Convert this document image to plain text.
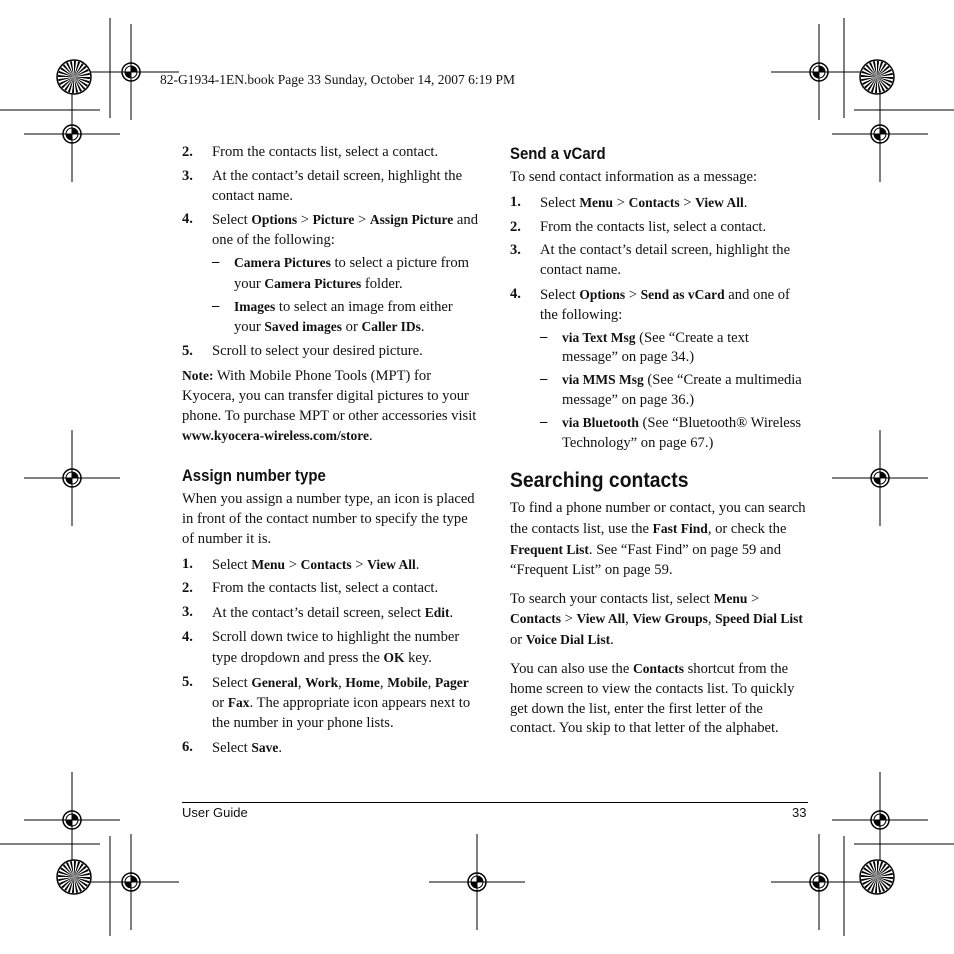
82-G1934-1EN.book Page 33 Sunday, October 14, 2007 6:19 PM
2. From the contacts list, select a contact.
3. At the contact’s detail screen, highlight the contact name.
4. Select Options > Picture > Assign Picture and one of the following:
– Camera Pictures to select a picture from your Camera Pictures folder.
– Images to select an image from either your Saved images or Caller IDs.
5. Scroll to select your desired picture.
Note: With Mobile Phone Tools (MPT) for Kyocera, you can transfer digital pictures to your phone. To purchase MPT or other accessories visit www.kyocera-wireless.com/store.
Assign number type
When you assign a number type, an icon is placed in front of the contact number to specify the type of number it is.
1. Select Menu > Contacts > View All.
2. From the contacts list, select a contact.
3. At the contact’s detail screen, select Edit.
4. Scroll down twice to highlight the number type dropdown and press the OK key.
5. Select General, Work, Home, Mobile, Pager or Fax. The appropriate icon appears next to the number in your phone lists.
6. Select Save.
Send a vCard
To send contact information as a message:
1. Select Menu > Contacts > View All.
2. From the contacts list, select a contact.
3. At the contact’s detail screen, highlight the contact name.
4. Select Options > Send as vCard and one of the following:
– via Text Msg (See “Create a text message” on page 34.)
– via MMS Msg (See “Create a multimedia message” on page 36.)
– via Bluetooth (See “Bluetooth® Wireless Technology” on page 67.)
Searching contacts
To find a phone number or contact, you can search the contacts list, use the Fast Find, or check the Frequent List. See “Fast Find” on page 59 and “Frequent List” on page 59.
To search your contacts list, select Menu > Contacts > View All, View Groups, Speed Dial List or Voice Dial List.
You can also use the Contacts shortcut from the home screen to view the contacts list. To quickly get down the list, enter the first letter of the contact. You skip to that letter of the alphabet.
User Guide	33
